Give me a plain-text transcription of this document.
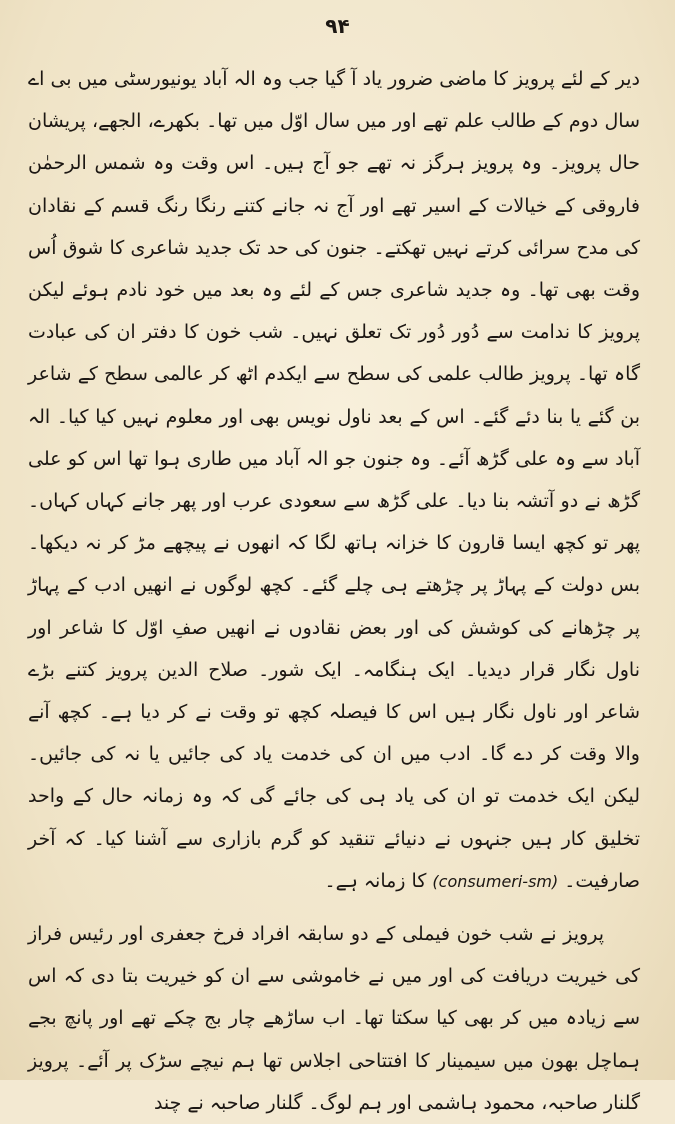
۹۴

دیر کے لئے پرویز کا ماضی ضرور یاد آ گیا جب وہ الہ آباد یونیورسٹی میں بی اے سال دوم کے طالب علم تھے اور میں سال اوّل میں تھا۔ بکھرے، الجھے، پریشان حال پرویز۔ وہ پرویز ہرگز نہ تھے جو آج ہیں۔ اس وقت وہ شمس الرحمٰن فاروقی کے خیالات کے اسیر تھے اور آج نہ جانے کتنے رنگا رنگ قسم کے نقادان کی مدح سرائی کرتے نہیں تھکتے۔ جنون کی حد تک جدید شاعری کا شوق اُس وقت بھی تھا۔ وہ جدید شاعری جس کے لئے وہ بعد میں خود نادم ہوئے لیکن پرویز کا ندامت سے دُور دُور تک تعلق نہیں۔ شب خون کا دفتر ان کی عبادت گاہ تھا۔ پرویز طالب علمی کی سطح سے ایکدم اٹھ کر عالمی سطح کے شاعر بن گئے یا بنا دئے گئے۔ اس کے بعد ناول نویس بھی اور معلوم نہیں کیا کیا۔ الہ آباد سے وہ علی گڑھ آئے۔ وہ جنون جو الہ آباد میں طاری ہوا تھا اس کو علی گڑھ نے دو آتشہ بنا دیا۔ علی گڑھ سے سعودی عرب اور پھر جانے کہاں کہاں۔ پھر تو کچھ ایسا قارون کا خزانہ ہاتھ لگا کہ انھوں نے پیچھے مڑ کر نہ دیکھا۔ بس دولت کے پہاڑ پر چڑھتے ہی چلے گئے۔ کچھ لوگوں نے انھیں ادب کے پہاڑ پر چڑھانے کی کوشش کی اور بعض نقادوں نے انھیں صفِ اوّل کا شاعر اور ناول نگار قرار دیدیا۔ ایک ہنگامہ۔ ایک شور۔ صلاح الدین پرویز کتنے بڑے شاعر اور ناول نگار ہیں اس کا فیصلہ کچھ تو وقت نے کر دیا ہے۔ کچھ آنے والا وقت کر دے گا۔ ادب میں ان کی خدمت یاد کی جائیں یا نہ کی جائیں۔ لیکن ایک خدمت تو ان کی یاد ہی کی جائے گی کہ وہ زمانہ حال کے واحد تخلیق کار ہیں جنہوں نے دنیائے تنقید کو گرم بازاری سے آشنا کیا۔ کہ آخر صارفیت۔ (consumeri-sm) کا زمانہ ہے۔

پرویز نے شب خون فیملی کے دو سابقہ افراد فرخ جعفری اور رئیس فراز کی خیریت دریافت کی اور میں نے خاموشی سے ان کو خیریت بتا دی کہ اس سے زیادہ میں کر بھی کیا سکتا تھا۔ اب ساڑھے چار بج چکے تھے اور پانچ بجے ہماچل بھون میں سیمینار کا افتتاحی اجلاس تھا ہم نیچے سڑک پر آئے۔ پرویز گلنار صاحبہ، محمود ہاشمی اور ہم لوگ۔ گلنار صاحبہ نے چند
